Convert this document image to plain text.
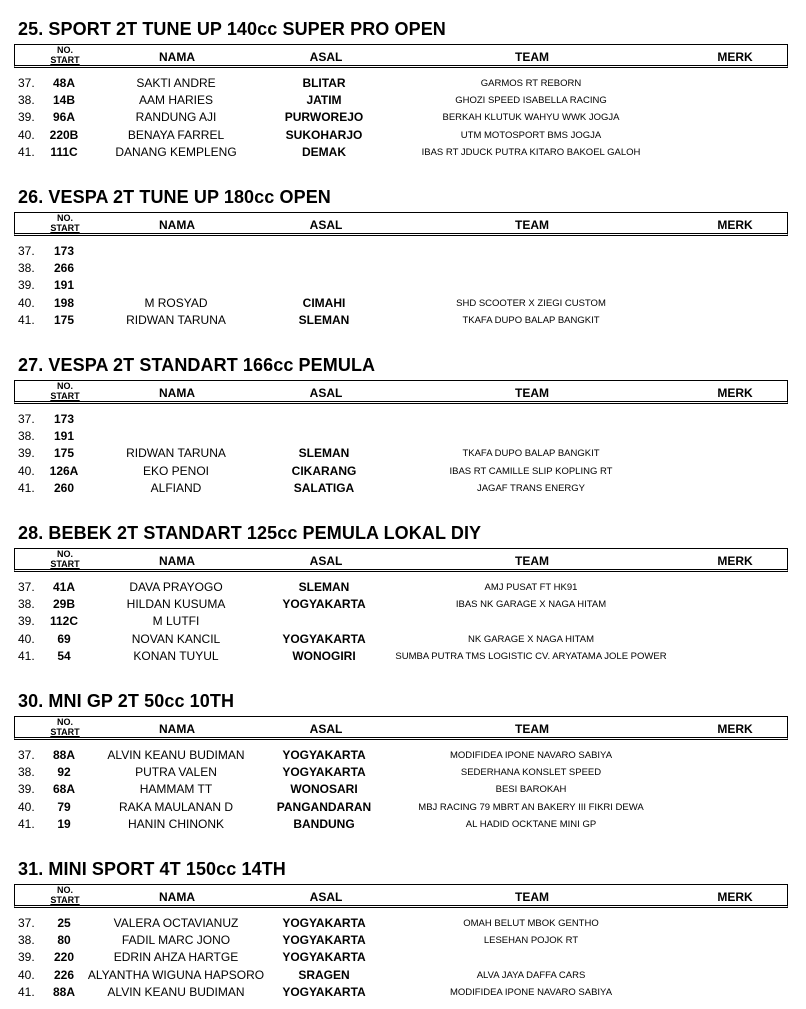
25. SPORT 2T TUNE UP 140cc SUPER PRO OPEN
NO.
START	NAMA	ASAL	TEAM	MERK
37.	48A	SAKTI ANDRE	BLITAR	GARMOS RT REBORN
38.	14B	AAM HARIES	JATIM	GHOZI SPEED ISABELLA RACING
39.	96A	RANDUNG AJI	PURWOREJO	BERKAH KLUTUK WAHYU WWK JOGJA
40.	220B	BENAYA FARREL	SUKOHARJO	UTM MOTOSPORT BMS JOGJA
41.	111C	DANANG KEMPLENG	DEMAK	IBAS RT JDUCK PUTRA KITARO BAKOEL GALOH
26. VESPA 2T TUNE UP 180cc OPEN
NO.
START	NAMA	ASAL	TEAM	MERK
37.	173
38.	266
39.	191
40.	198	M ROSYAD	CIMAHI	SHD SCOOTER X ZIEGI CUSTOM
41.	175	RIDWAN TARUNA	SLEMAN	TKAFA DUPO BALAP BANGKIT
27. VESPA 2T STANDART 166cc PEMULA
NO.
START	NAMA	ASAL	TEAM	MERK
37.	173
38.	191
39.	175	RIDWAN TARUNA	SLEMAN	TKAFA DUPO BALAP BANGKIT
40.	126A	EKO PENOI	CIKARANG	IBAS RT CAMILLE SLIP KOPLING RT
41.	260	ALFIAND	SALATIGA	JAGAF TRANS ENERGY
28. BEBEK 2T STANDART 125cc PEMULA LOKAL DIY
NO.
START	NAMA	ASAL	TEAM	MERK
37.	41A	DAVA PRAYOGO	SLEMAN	AMJ PUSAT FT HK91
38.	29B	HILDAN KUSUMA	YOGYAKARTA	IBAS NK GARAGE X NAGA HITAM
39.	112C	M LUTFI
40.	69	NOVAN KANCIL	YOGYAKARTA	NK GARAGE X NAGA HITAM
41.	54	KONAN TUYUL	WONOGIRI	SUMBA PUTRA TMS LOGISTIC CV. ARYATAMA JOLE POWER
30. MNI GP 2T 50cc 10TH
NO.
START	NAMA	ASAL	TEAM	MERK
37.	88A	ALVIN KEANU BUDIMAN	YOGYAKARTA	MODIFIDEA IPONE NAVARO SABIYA
38.	92	PUTRA VALEN	YOGYAKARTA	SEDERHANA KONSLET SPEED
39.	68A	HAMMAM TT	WONOSARI	BESI BAROKAH
40.	79	RAKA MAULANAN D	PANGANDARAN	MBJ RACING 79 MBRT AN BAKERY III FIKRI DEWA
41.	19	HANIN CHINONK	BANDUNG	AL HADID OCKTANE MINI GP
31. MINI SPORT 4T 150cc 14TH
NO.
START	NAMA	ASAL	TEAM	MERK
37.	25	VALERA OCTAVIANUZ	YOGYAKARTA	OMAH BELUT MBOK GENTHO
38.	80	FADIL MARC JONO	YOGYAKARTA	LESEHAN POJOK RT
39.	220	EDRIN AHZA HARTGE	YOGYAKARTA
40.	226	ALYANTHA WIGUNA HAPSORO	SRAGEN	ALVA JAYA DAFFA CARS
41.	88A	ALVIN KEANU BUDIMAN	YOGYAKARTA	MODIFIDEA IPONE NAVARO SABIYA
